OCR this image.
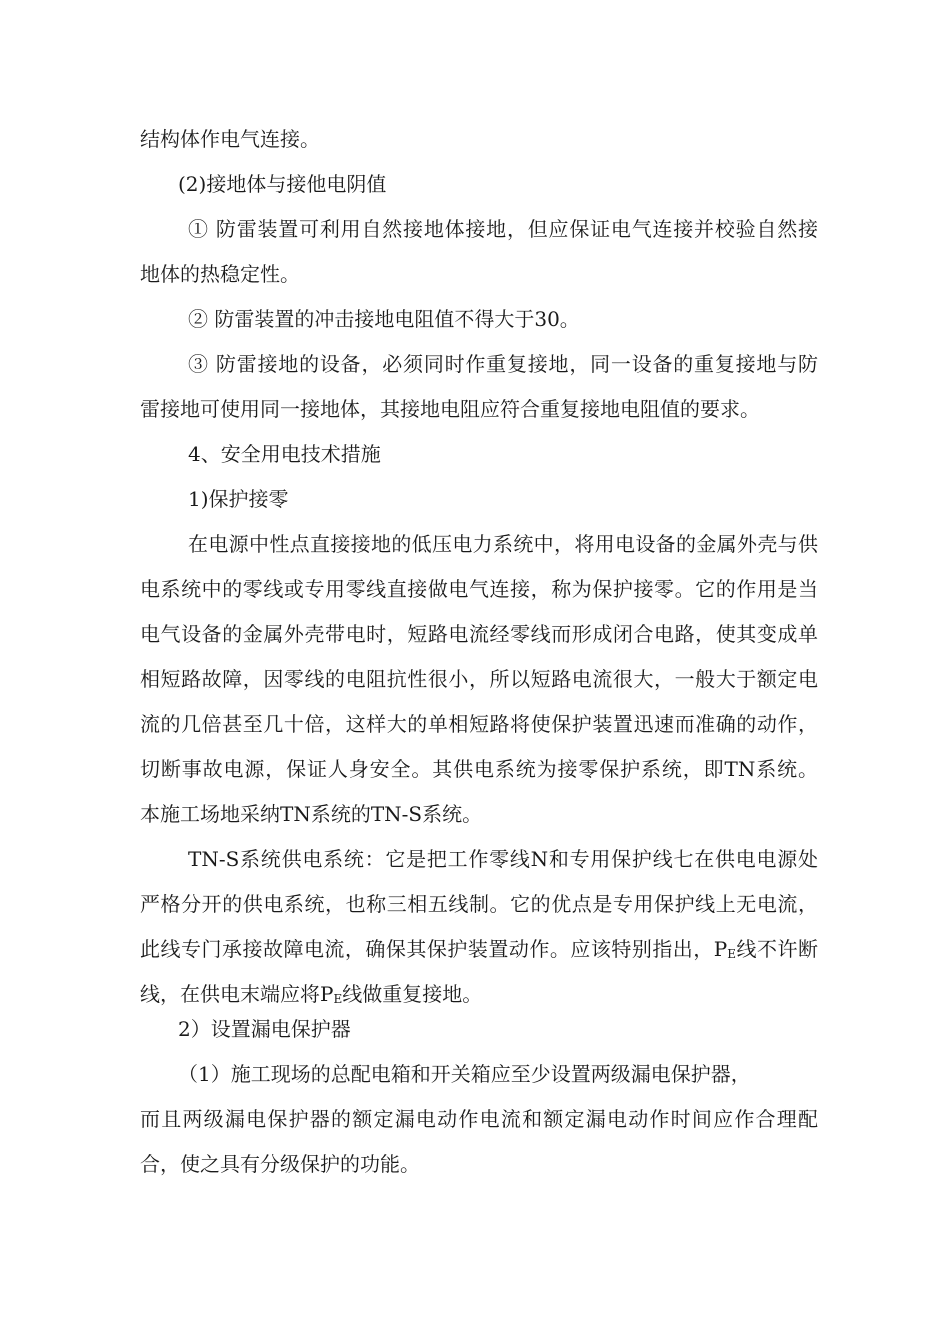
结构体作电气连接。
(2)接地体与接他电阴值
① 防雷装置可利用自然接地体接地，但应保证电气连接并校验自然接
地体的热稳定性。
② 防雷装置的冲击接地电阻值不得大于30。
③ 防雷接地的设备，必须同时作重复接地，同一设备的重复接地与防
雷接地可使用同一接地体，其接地电阻应符合重复接地电阻值的要求。
4、安全用电技术措施
1)保护接零
在电源中性点直接接地的低压电力系统中，将用电设备的金属外壳与供
电系统中的零线或专用零线直接做电气连接，称为保护接零。它的作用是当
电气设备的金属外壳带电时，短路电流经零线而形成闭合电路，使其变成单
相短路故障，因零线的电阻抗性很小，所以短路电流很大，一般大于额定电
流的几倍甚至几十倍，这样大的单相短路将使保护装置迅速而准确的动作，
切断事故电源，保证人身安全。其供电系统为接零保护系统，即TN系统。
本施工场地采纳TN系统的TN-S系统。
TN-S系统供电系统：它是把工作零线N和专用保护线七在供电电源处
严格分开的供电系统，也称三相五线制。它的优点是专用保护线上无电流，
此线专门承接故障电流，确保其保护装置动作。应该特别指出，PE线不许断
线，在供电末端应将PE线做重复接地。
2）设置漏电保护器
（1）施工现场的总配电箱和开关箱应至少设置两级漏电保护器，
而且两级漏电保护器的额定漏电动作电流和额定漏电动作时间应作合理配
合，使之具有分级保护的功能。
